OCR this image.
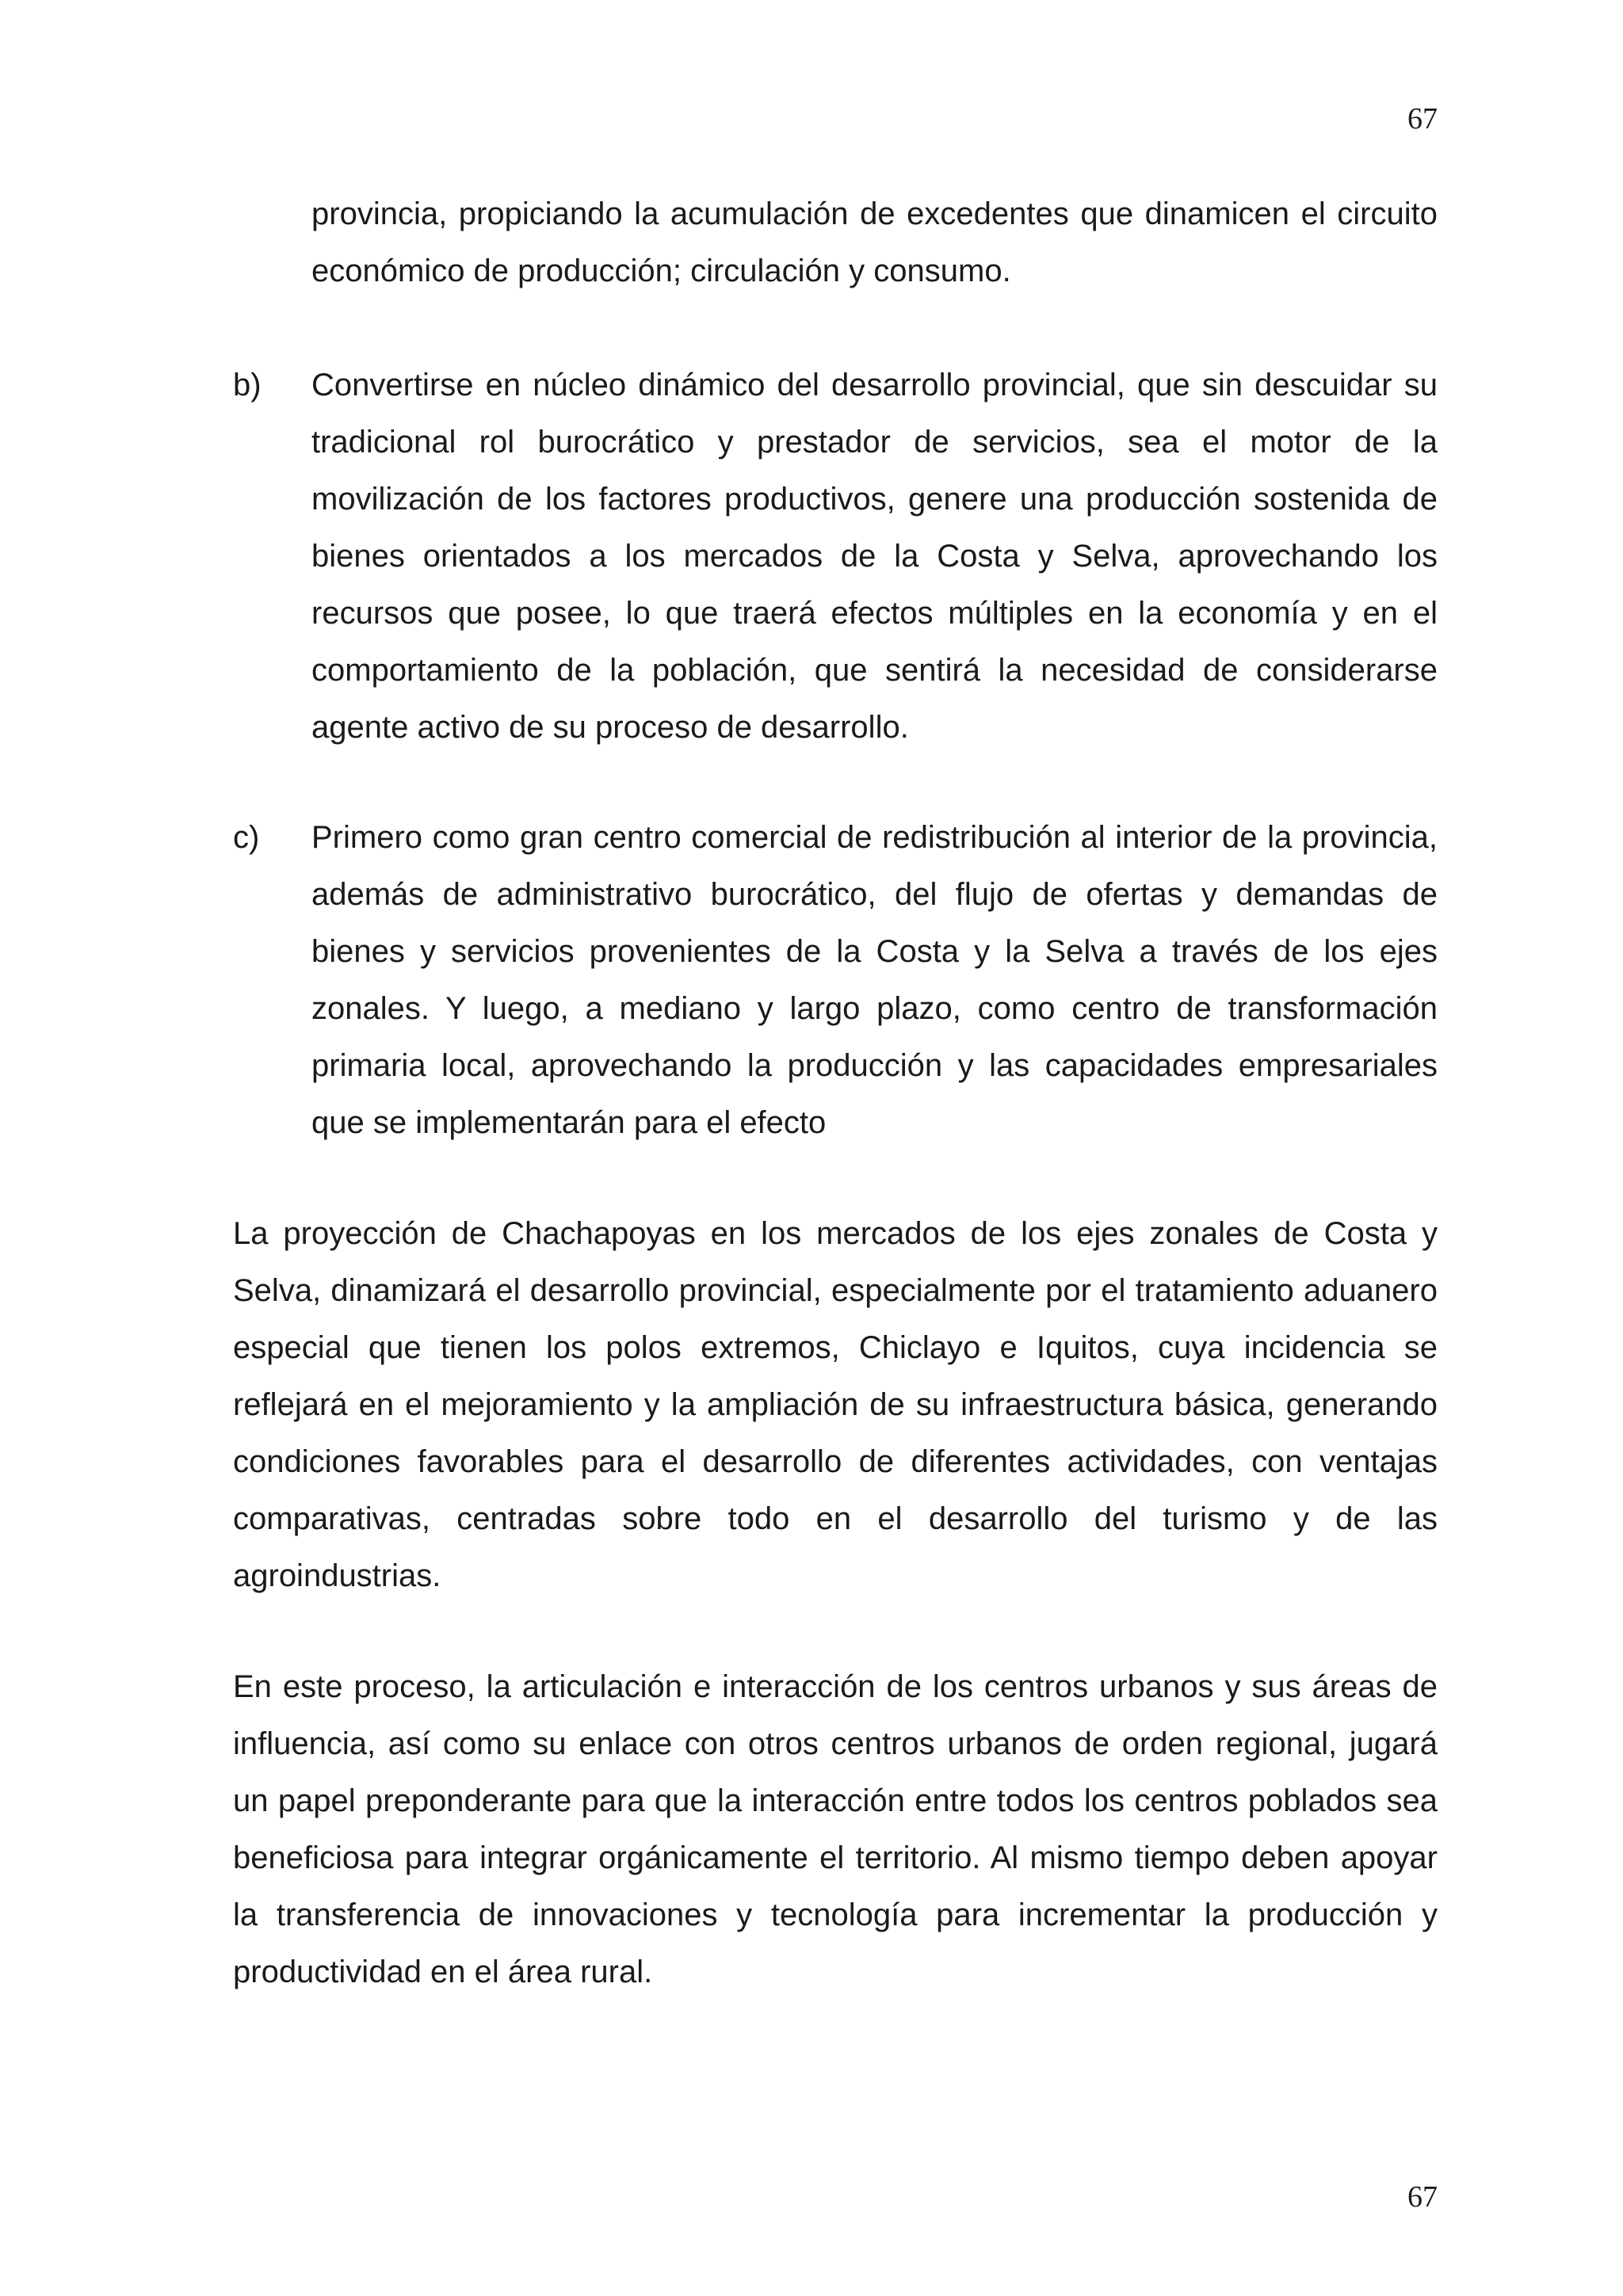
67

provincia, propiciando la acumulación de excedentes que dinamicen el circuito económico de producción; circulación y consumo.

b) Convertirse en núcleo dinámico del desarrollo provincial, que sin descuidar su tradicional rol burocrático y prestador de servicios, sea el motor de la movilización de los factores productivos, genere una producción sostenida de bienes orientados a los mercados de la Costa y Selva, aprovechando los recursos que posee, lo que traerá efectos múltiples en la economía y en el comportamiento de la población, que sentirá la necesidad de considerarse agente activo de su proceso de desarrollo.

c) Primero como gran centro comercial de redistribución al interior de la provincia, además de administrativo burocrático, del flujo de ofertas y demandas de bienes y servicios provenientes de la Costa y la Selva a través de los ejes zonales. Y luego, a mediano y largo plazo, como centro de transformación primaria local, aprovechando la producción y las capacidades empresariales que se implementarán para el efecto

La proyección de Chachapoyas en los mercados de los ejes zonales de Costa y Selva, dinamizará el desarrollo provincial, especialmente por el tratamiento aduanero especial que tienen los polos extremos, Chiclayo e Iquitos, cuya incidencia se reflejará en el mejoramiento y la ampliación de su infraestructura básica, generando condiciones favorables para el desarrollo de diferentes actividades, con ventajas comparativas, centradas sobre todo en el desarrollo del turismo y de las agroindustrias.

En este proceso, la articulación e interacción de los centros urbanos y sus áreas de influencia, así como su enlace con otros centros urbanos de orden regional, jugará un papel preponderante para que la interacción entre todos los centros poblados sea beneficiosa para integrar orgánicamente el territorio. Al mismo tiempo deben apoyar la transferencia de innovaciones y tecnología para incrementar la producción y productividad en el área rural.

67
